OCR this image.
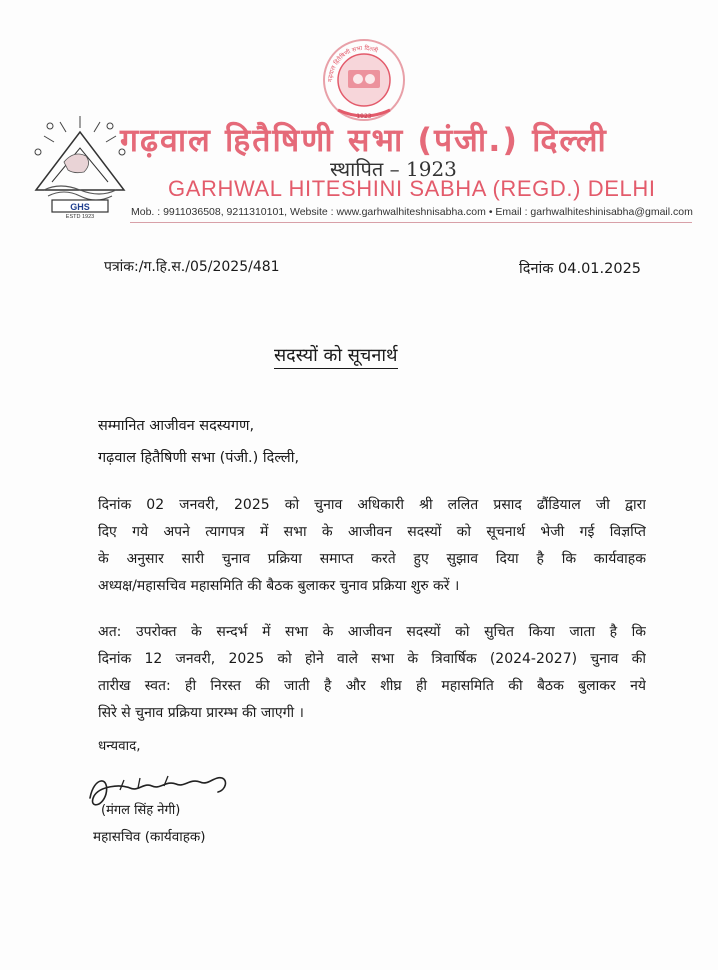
गढ़वाल हितैषिणी सभा दिल्ली
1923
GHS
ESTD 1923
गढ़वाल हितैषिणी सभा (पंजी.) दिल्ली
स्थापित – 1923
GARHWAL HITESHINI SABHA (REGD.) DELHI
Mob. : 9911036508, 9211310101, Website : www.garhwalhiteshnisabha.com • Email : garhwalhiteshinisabha@gmail.com
पत्रांक:/ग.हि.स./05/2025/481	दिनांक 04.01.2025
सदस्यों को सूचनार्थ
सम्मानित आजीवन सदस्यगण,
गढ़वाल हितैषिणी सभा (पंजी.) दिल्ली,
दिनांक 02 जनवरी, 2025 को चुनाव अधिकारी श्री ललित प्रसाद ढौंडियाल जी द्वारा
दिए गये अपने त्यागपत्र में सभा के आजीवन सदस्यों को सूचनार्थ भेजी गई विज्ञप्ति
के अनुसार सारी चुनाव प्रक्रिया समाप्त करते हुए सुझाव दिया है कि कार्यवाहक
अध्यक्ष/महासचिव महासमिति की बैठक बुलाकर चुनाव प्रक्रिया शुरु करें ।
अत: उपरोक्त के सन्दर्भ में सभा के आजीवन सदस्यों को सुचित किया जाता है कि
दिनांक 12 जनवरी, 2025 को होने वाले सभा के त्रिवार्षिक (2024-2027) चुनाव की
तारीख स्वत: ही निरस्त की जाती है और शीघ्र ही महासमिति की बैठक बुलाकर नये
सिरे से चुनाव प्रक्रिया प्रारम्भ की जाएगी ।
धन्यवाद,
(मंगल सिंह नेगी)
महासचिव (कार्यवाहक)
